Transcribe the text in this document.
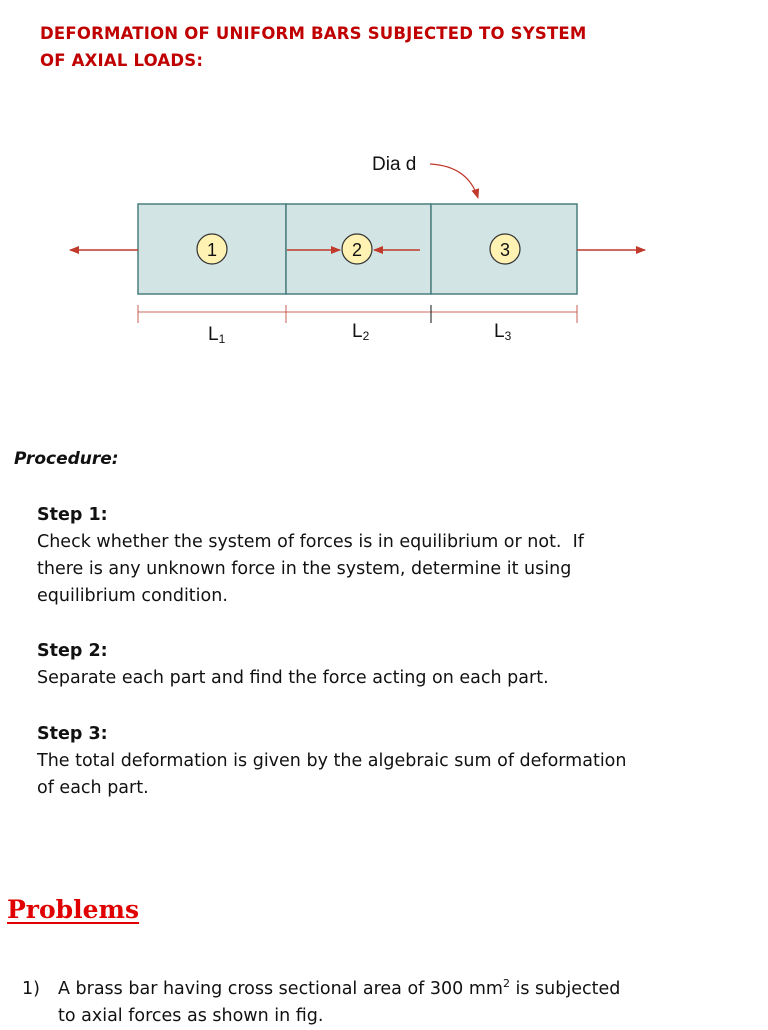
DEFORMATION OF UNIFORM BARS SUBJECTED TO SYSTEM
OF AXIAL LOADS:
Dia d
1	2	3
L1	L2	L3
Procedure:
Step 1:
Check whether the system of forces is in equilibrium or not.  If
there is any unknown force in the system, determine it using
equilibrium condition.
Step 2:
Separate each part and find the force acting on each part.
Step 3:
The total deformation is given by the algebraic sum of deformation
of each part.
Problems
1) A brass bar having cross sectional area of 300 $mm^2$ is subjected
to axial forces as shown in fig.
